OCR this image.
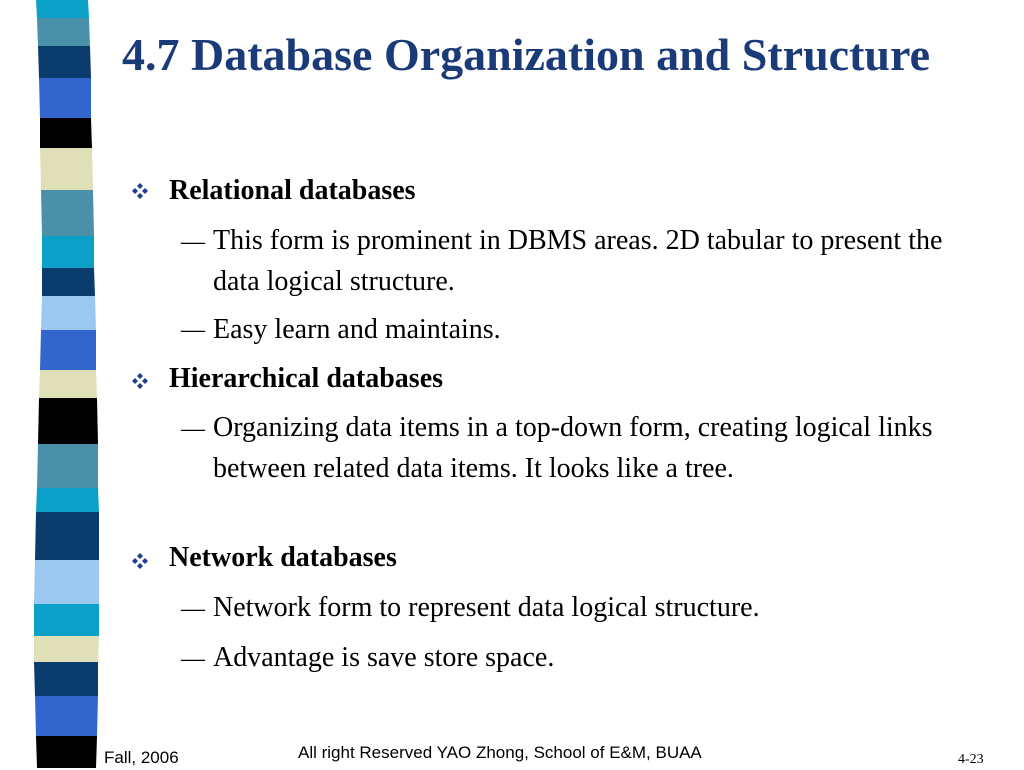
4.7 Database Organization and Structure
Relational databases
— This form is prominent in DBMS areas. 2D tabular to present the data logical structure.
— Easy learn and maintains.
Hierarchical databases
— Organizing data items in a top-down form, creating logical links between related data items. It looks like a tree.
Network databases
— Network form to represent data logical structure.
— Advantage is save store space.
Fall, 2006	All right Reserved YAO Zhong, School of E&M, BUAA	4-23
